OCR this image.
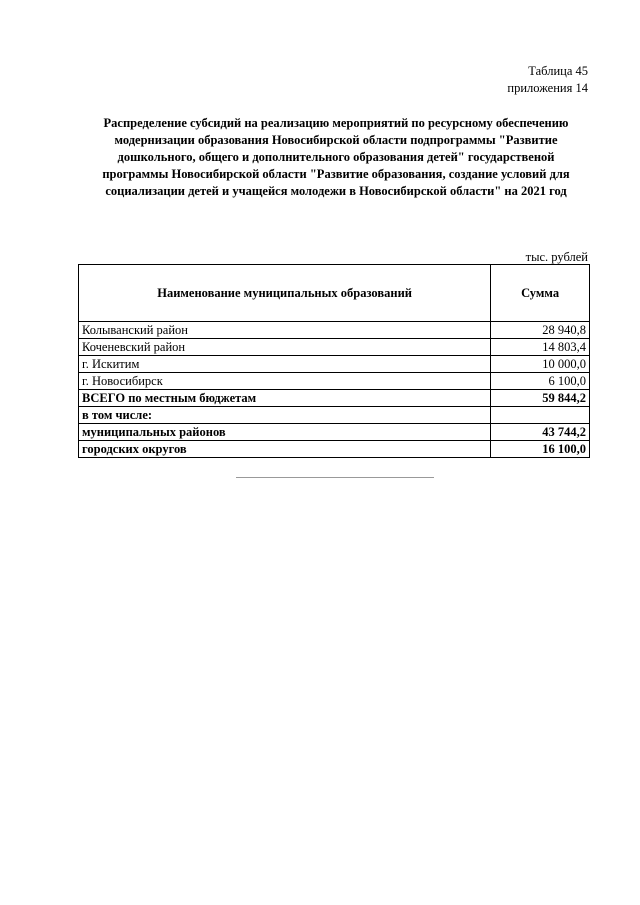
Таблица 45
приложения 14
Распределение субсидий на реализацию мероприятий по ресурсному обеспечению
модернизации образования Новосибирской области подпрограммы "Развитие
дошкольного, общего и дополнительного образования детей" государственой
программы Новосибирской области "Развитие образования, создание условий для
социализации детей и учащейся молодежи в Новосибирской области" на 2021 год
тыс. рублей
Наименование муниципальных образований	Сумма
Колыванский район	28 940,8
Коченевский район	14 803,4
г. Искитим	10 000,0
г. Новосибирск	6 100,0
ВСЕГО по местным бюджетам	59 844,2
в том числе:	
муниципальных районов	43 744,2
городских округов	16 100,0
